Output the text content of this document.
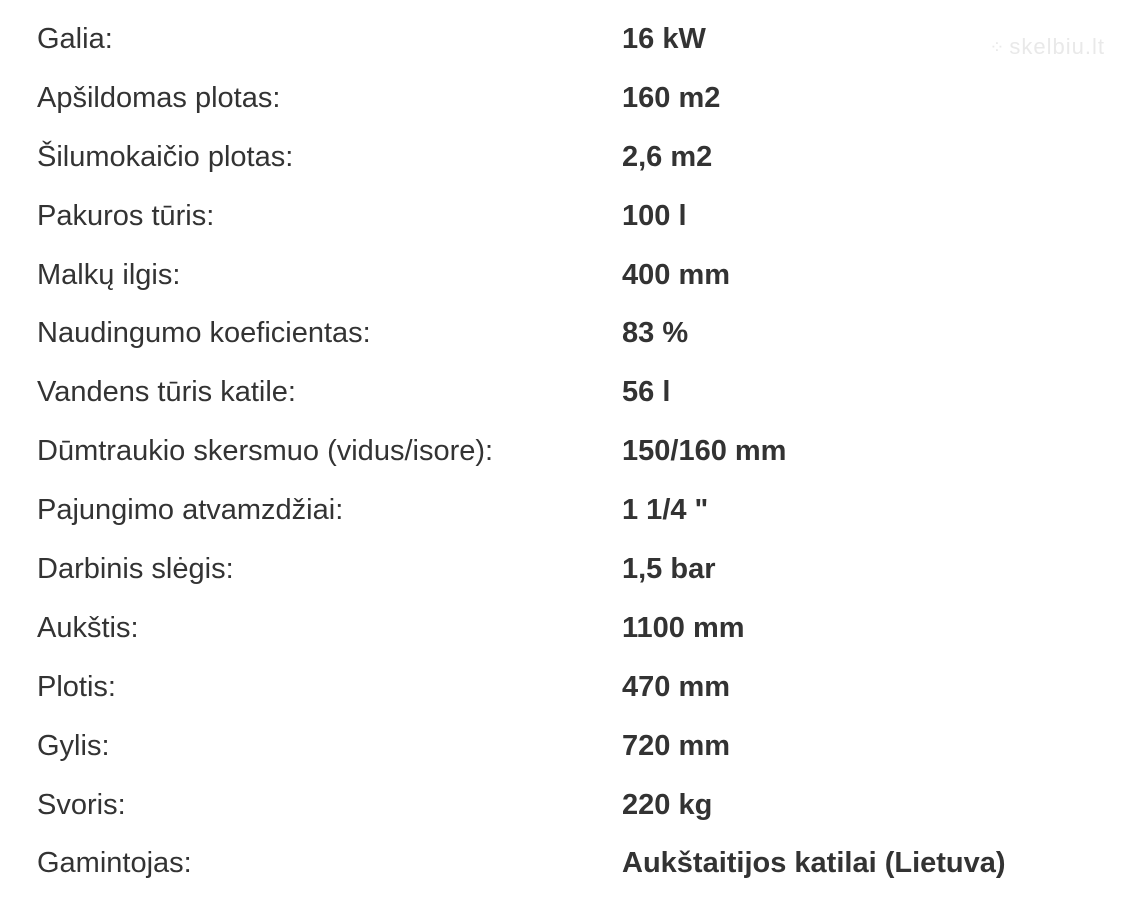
⁘ skelbiu.lt
Galia:	16 kW
Apšildomas plotas:	160 m2
Šilumokaičio plotas:	2,6 m2
Pakuros tūris:	100 l
Malkų ilgis:	400 mm
Naudingumo koeficientas:	83 %
Vandens tūris katile:	56 l
Dūmtraukio skersmuo (vidus/isore):	150/160 mm
Pajungimo atvamzdžiai:	1 1/4 "
Darbinis slėgis:	1,5 bar
Aukštis:	1100 mm
Plotis:	470 mm
Gylis:	720 mm
Svoris:	220 kg
Gamintojas:	Aukštaitijos katilai (Lietuva)
